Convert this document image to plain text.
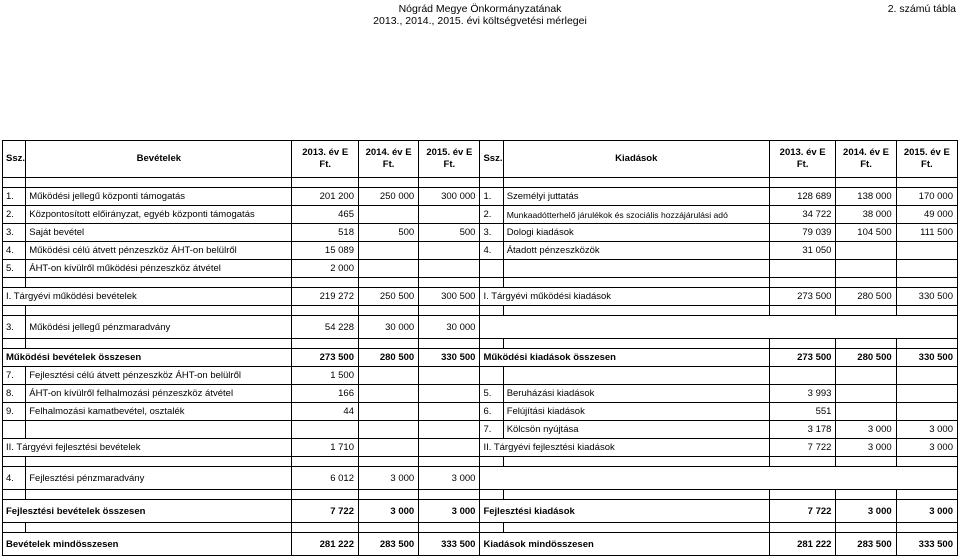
Nógrád Megye Önkormányzatának
2013., 2014., 2015. évi költségvetési mérlegei
2. számú tábla
Ssz.	Bevételek	2013. év E Ft.	2014. év E Ft.	2015. év E Ft.	Ssz.	Kiadások	2013. év E Ft.	2014. év E Ft.	2015. év E Ft.

1.	Működési jellegű központi támogatás	201 200	250 000	300 000	1.	Személyi juttatás	128 689	138 000	170 000
2.	Központosított előirányzat, egyéb központi támogatás	465			2.	Munkaadótterhelő járulékok és szociális hozzájárulási adó	34 722	38 000	49 000
3.	Saját bevétel	518	500	500	3.	Dologi kiadások	79 039	104 500	111 500
4.	Működési célú átvett pénzeszköz ÁHT-on belülről	15 089			4.	Átadott pénzeszközök	31 050		
5.	ÁHT-on kívülről működési pénzeszköz átvétel	2 000							

I. Tárgyévi működési bevételek		219 272	250 500	300 500	I. Tárgyévi működési kiadások		273 500	280 500	330 500

3.	Működési jellegű pénzmaradvány	54 228	30 000	30 000					

Működési bevételek összesen		273 500	280 500	330 500	Működési kiadások összesen		273 500	280 500	330 500
7.	Fejlesztési célú átvett pénzeszköz ÁHT-on belülről	1 500							
8.	ÁHT-on kívülről felhalmozási pénzeszköz átvétel	166			5.	Beruházási kiadások	3 993		
9.	Felhalmozási kamatbevétel, osztalék	44			6.	Felújítási kiadások	551		
					7.	Kölcsön nyújtása	3 178	3 000	3 000
II. Tárgyévi fejlesztési bevételek		1 710			II. Tárgyévi fejlesztési kiadások		7 722	3 000	3 000

4.	Fejlesztési pénzmaradvány	6 012	3 000	3 000					

Fejlesztési bevételek összesen		7 722	3 000	3 000	Fejlesztési kiadások		7 722	3 000	3 000

Bevételek mindösszesen		281 222	283 500	333 500	Kiadások mindösszesen		281 222	283 500	333 500
